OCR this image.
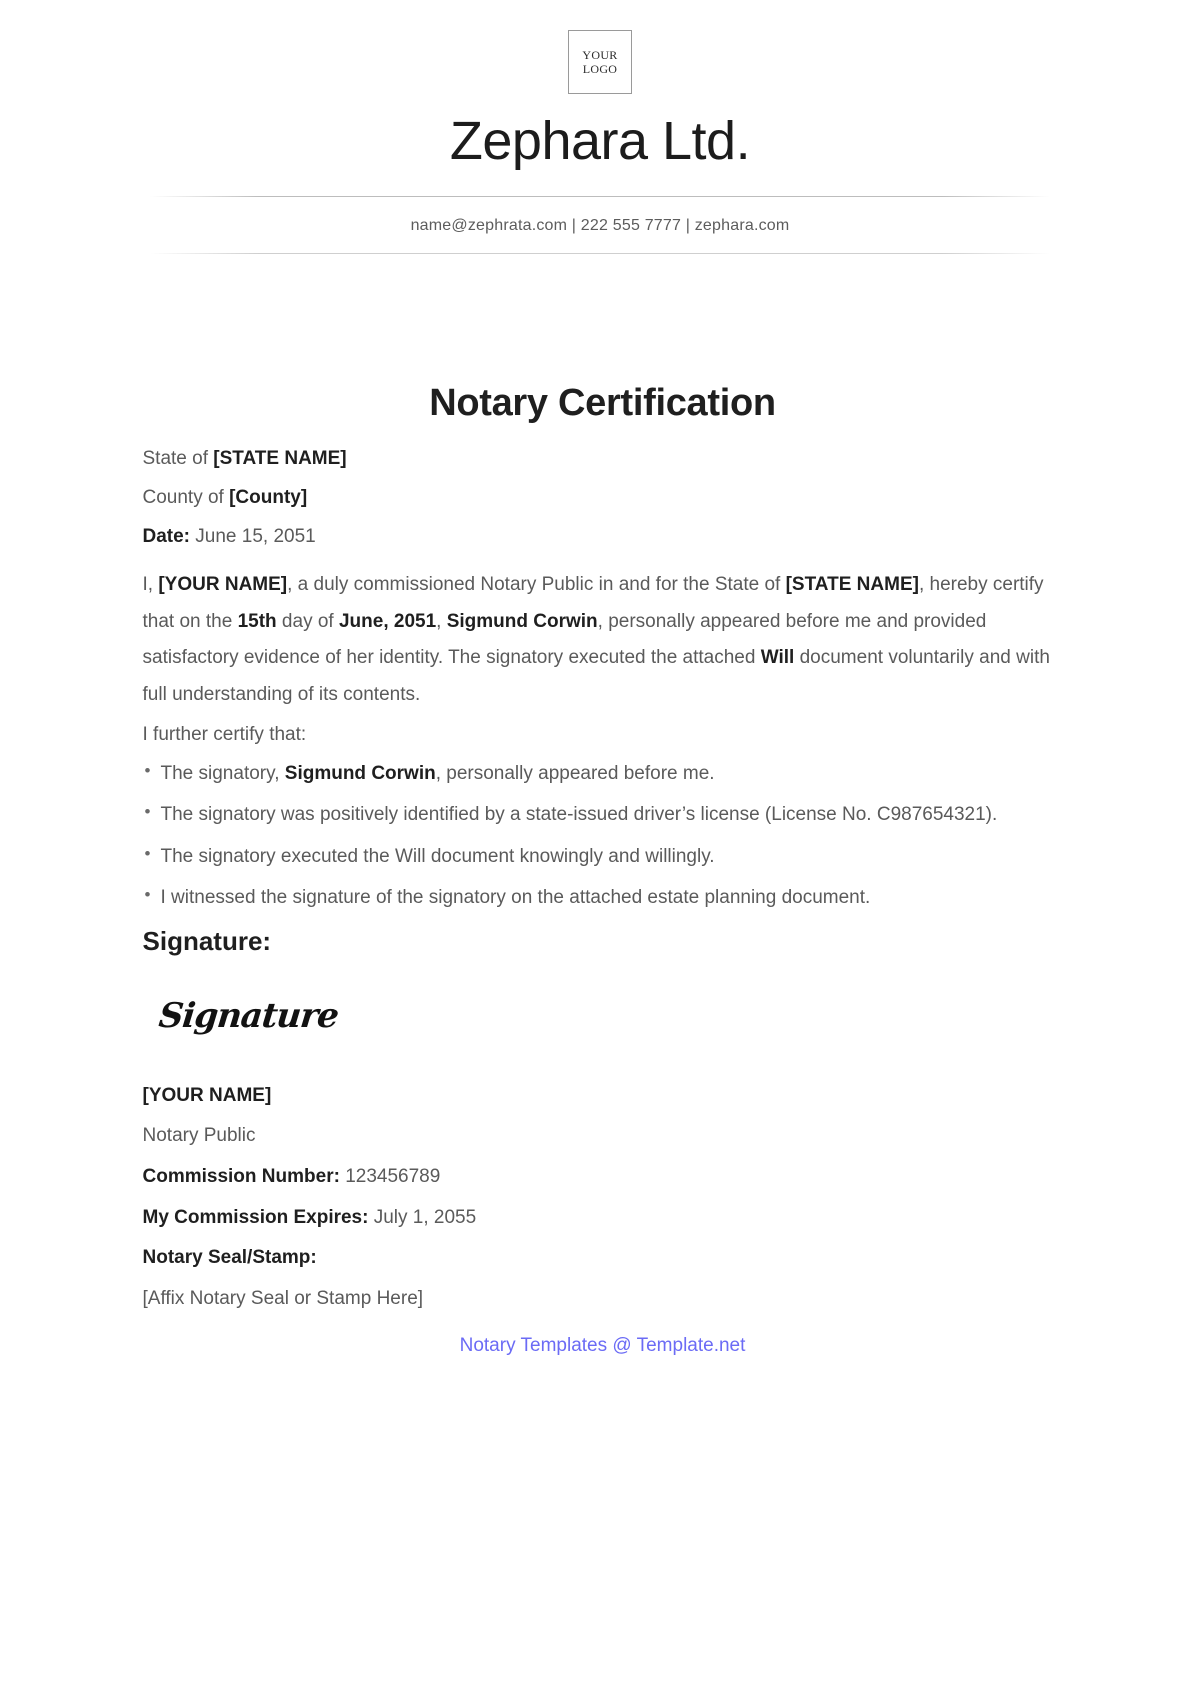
YOUR
LOGO
Zephara Ltd.
name@zephrata.com | 222 555 7777 | zephara.com
Notary Certification
State of [STATE NAME]
County of [County]
Date: June 15, 2051
I, [YOUR NAME], a duly commissioned Notary Public in and for the State of [STATE NAME], hereby certify that on the 15th day of June, 2051, Sigmund Corwin, personally appeared before me and provided satisfactory evidence of her identity. The signatory executed the attached Will document voluntarily and with full understanding of its contents.
I further certify that:
• The signatory, Sigmund Corwin, personally appeared before me.
• The signatory was positively identified by a state-issued driver’s license (License No. C987654321).
• The signatory executed the Will document knowingly and willingly.
• I witnessed the signature of the signatory on the attached estate planning document.
Signature:
Signature
[YOUR NAME]
Notary Public
Commission Number: 123456789
My Commission Expires: July 1, 2055
Notary Seal/Stamp:
[Affix Notary Seal or Stamp Here]
Notary Templates @ Template.net
